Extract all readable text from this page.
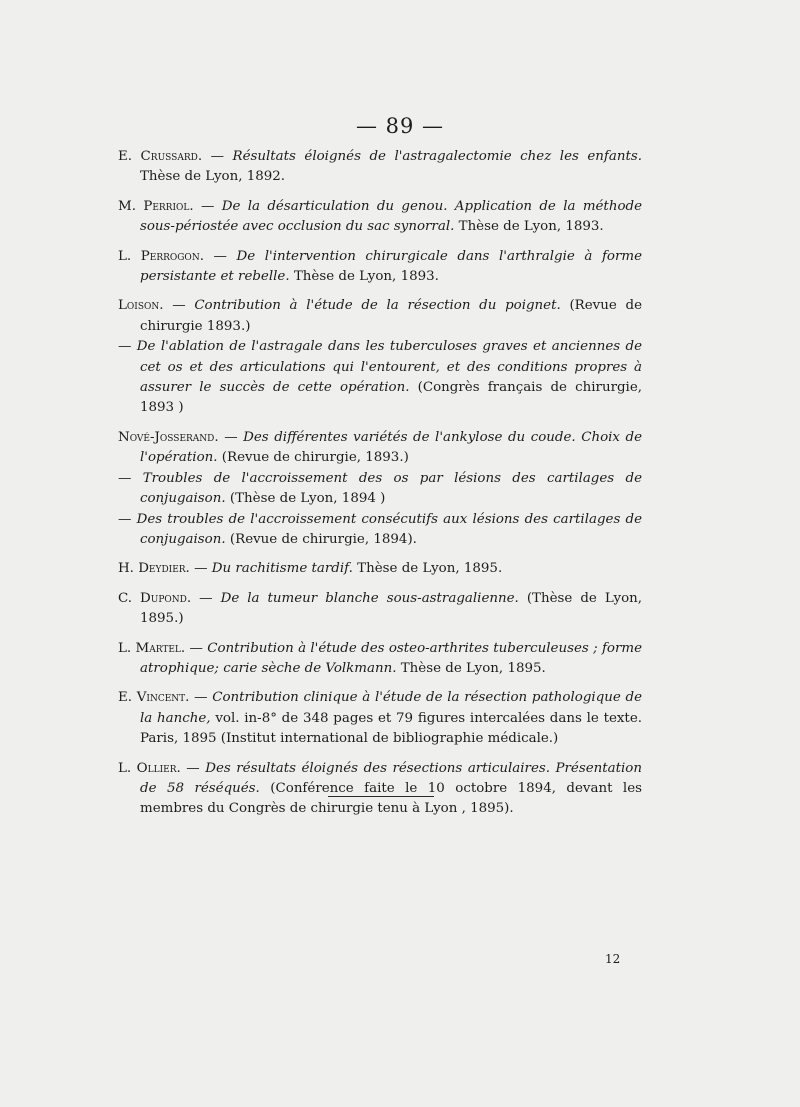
— 89 —

E. Crussard. — Résultats éloignés de l'astragalectomie chez les enfants. Thèse de Lyon, 1892.

M. Perriol. — De la désarticulation du genou. Application de la méthode sous-périostée avec occlusion du sac synorral. Thèse de Lyon, 1893.

L. Perrogon. — De l'intervention chirurgicale dans l'arthralgie à forme persistante et rebelle. Thèse de Lyon, 1893.

Loison. — Contribution à l'étude de la résection du poignet. (Revue de chirurgie 1893.)

— De l'ablation de l'astragale dans les tuberculoses graves et anciennes de cet os et des articulations qui l'entourent, et des conditions propres à assurer le succès de cette opération. (Congrès français de chirurgie, 1893 )

Nové-Josserand. — Des différentes variétés de l'ankylose du coude. Choix de l'opération. (Revue de chirurgie, 1893.)

— Troubles de l'accroissement des os par lésions des cartilages de conjugaison. (Thèse de Lyon, 1894 )

— Des troubles de l'accroissement consécutifs aux lésions des cartilages de conjugaison. (Revue de chirurgie, 1894).

H. Deydier. — Du rachitisme tardif. Thèse de Lyon, 1895.

C. Dupond. — De la tumeur blanche sous-astragalienne. (Thèse de Lyon, 1895.)

L. Martel. — Contribution à l'étude des osteo-arthrites tuberculeuses ; forme atrophique; carie sèche de Volkmann. Thèse de Lyon, 1895.

E. Vincent. — Contribution clinique à l'étude de la résection pathologique de la hanche, vol. in-8° de 348 pages et 79 figures intercalées dans le texte. Paris, 1895 (Institut international de bibliographie médicale.)

L. Ollier. — Des résultats éloignés des résections articulaires. Présentation de 58 réséqués. (Conférence faite le 10 octobre 1894, devant les membres du Congrès de chirurgie tenu à Lyon , 1895).

12
